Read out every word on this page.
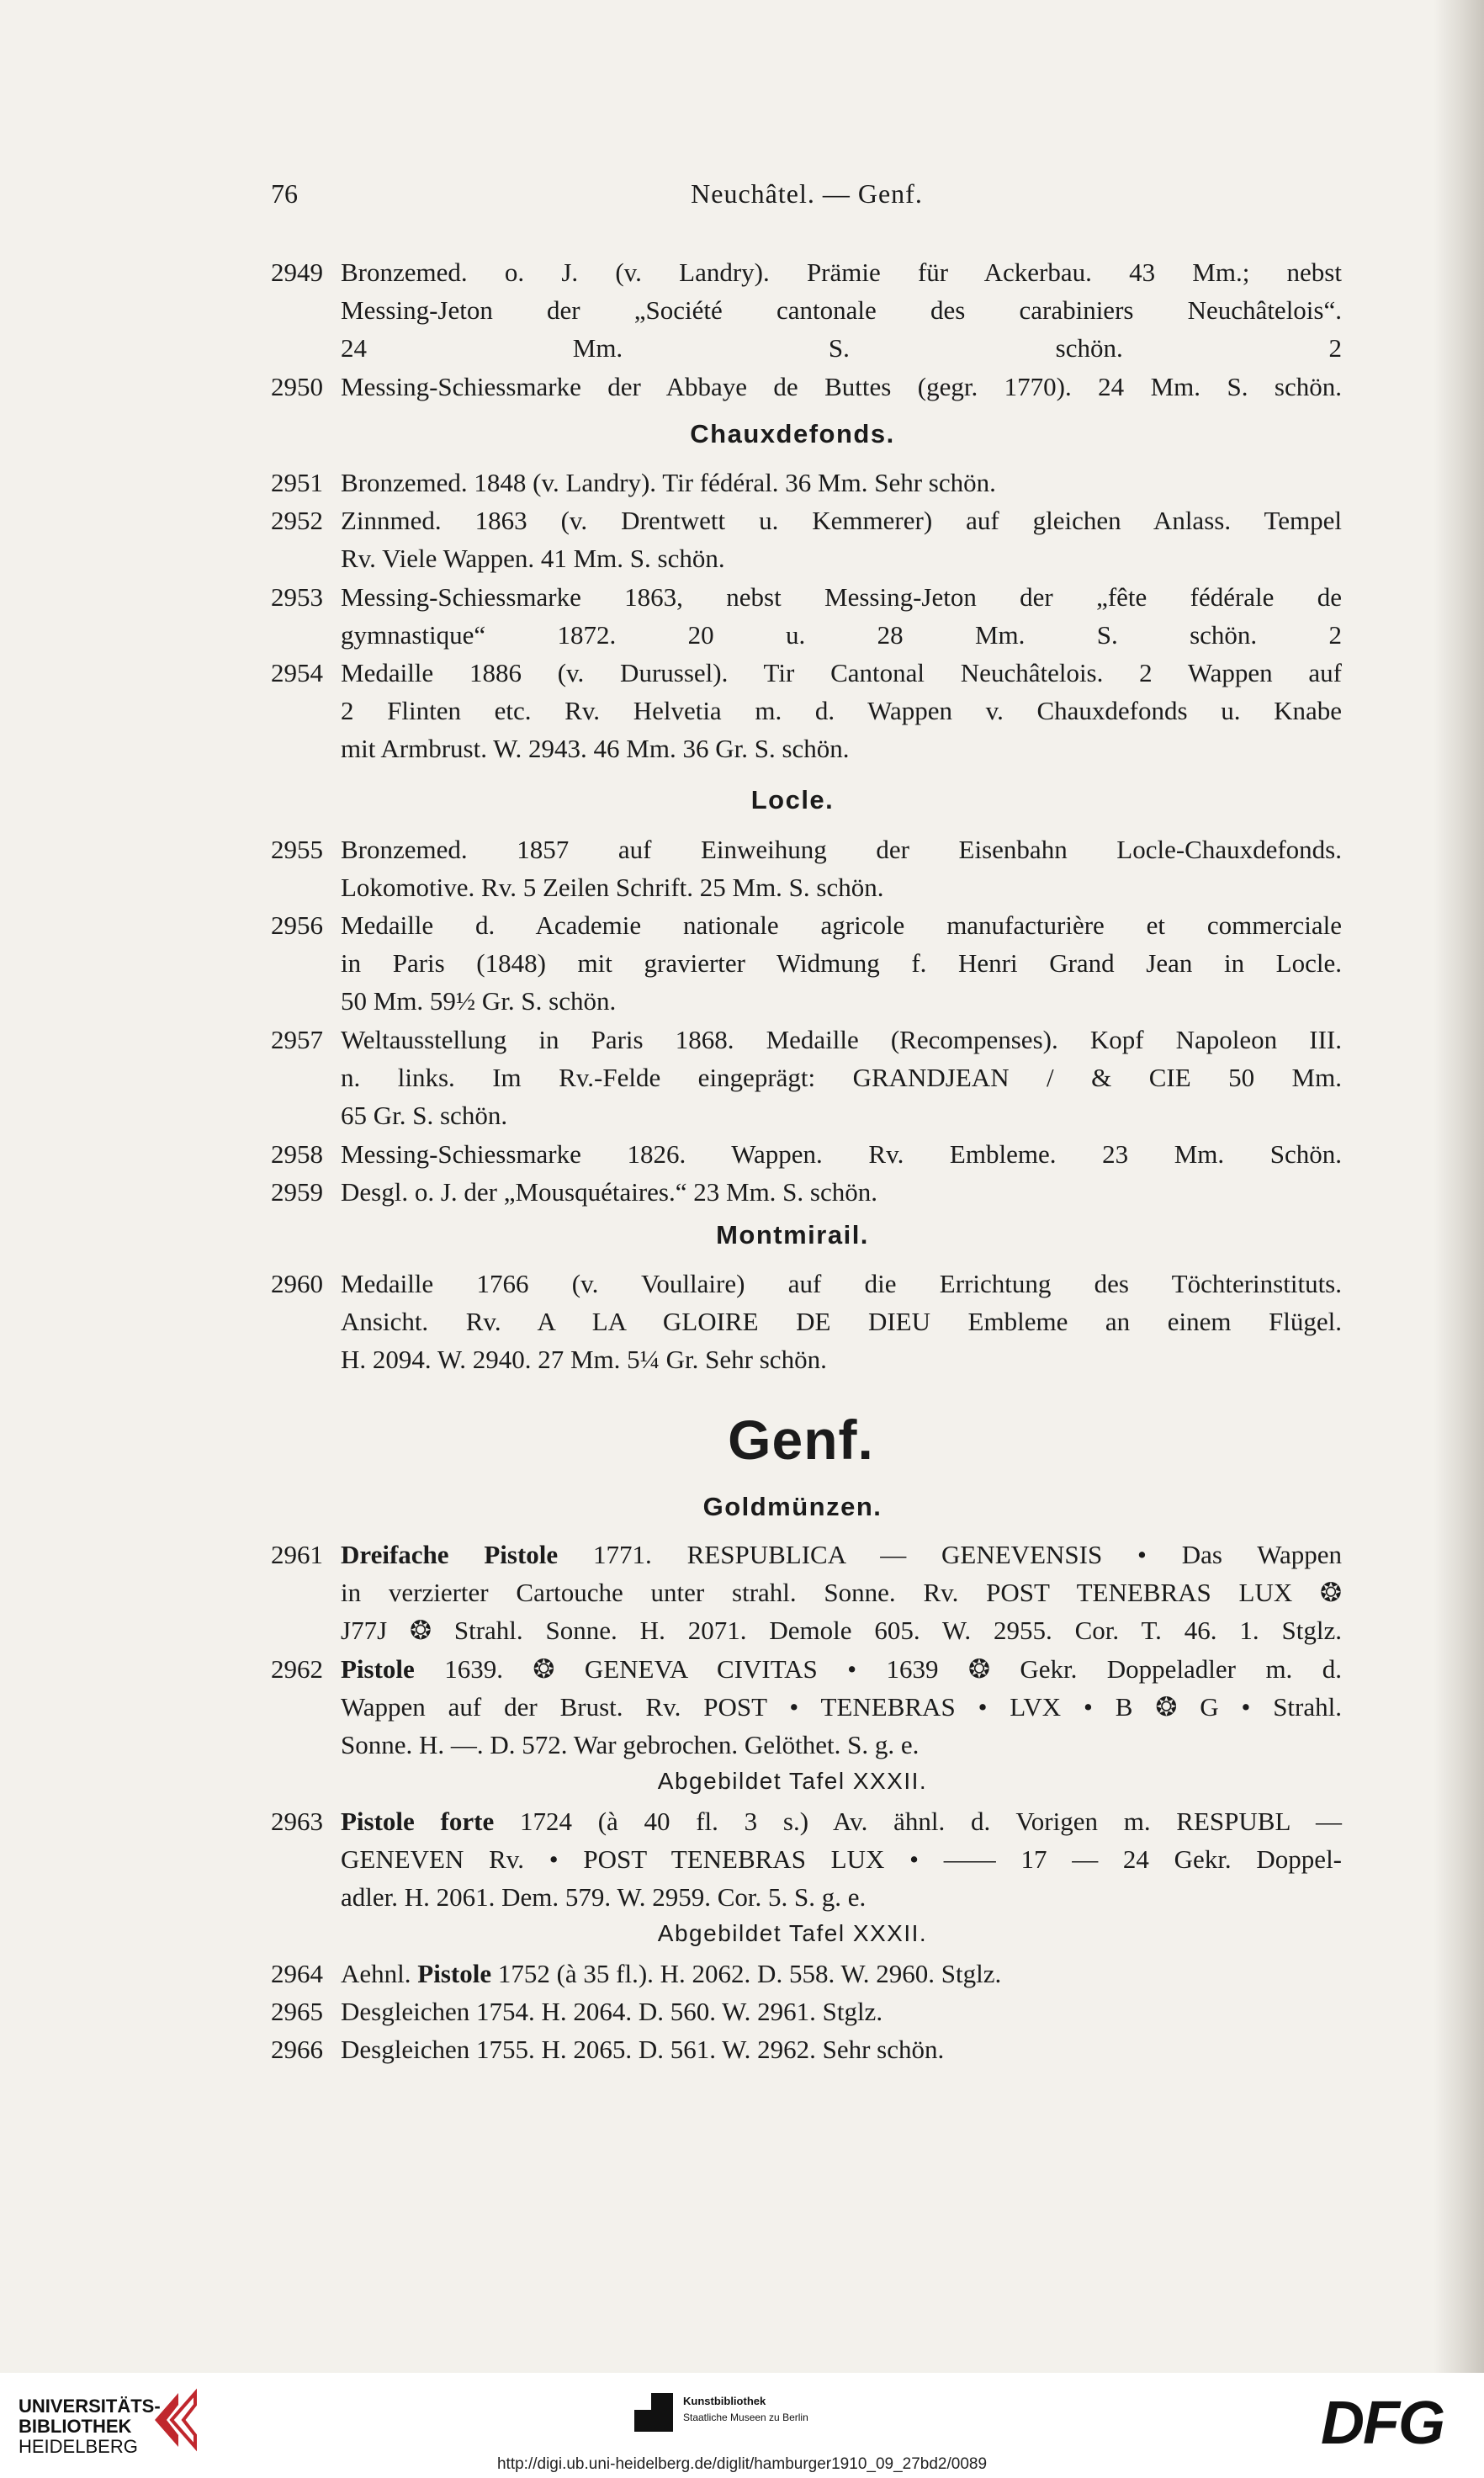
76	Neuchâtel. — Genf.
2949 Bronzemed. o. J. (v. Landry). Prämie für Ackerbau. 43 Mm.; nebst
Messing-Jeton der „Société cantonale des carabiniers Neuchâtelois“.
24 Mm. S. schön. 2
2950 Messing-Schiessmarke der Abbaye de Buttes (gegr. 1770). 24 Mm. S. schön.
Chauxdefonds.
2951 Bronzemed. 1848 (v. Landry). Tir fédéral. 36 Mm. Sehr schön.
2952 Zinnmed. 1863 (v. Drentwett u. Kemmerer) auf gleichen Anlass. Tempel
Rv. Viele Wappen. 41 Mm. S. schön.
2953 Messing-Schiessmarke 1863, nebst Messing-Jeton der „fête fédérale de
gymnastique“ 1872. 20 u. 28 Mm. S. schön. 2
2954 Medaille 1886 (v. Durussel). Tir Cantonal Neuchâtelois. 2 Wappen auf
2 Flinten etc. Rv. Helvetia m. d. Wappen v. Chauxdefonds u. Knabe
mit Armbrust. W. 2943. 46 Mm. 36 Gr. S. schön.
Locle.
2955 Bronzemed. 1857 auf Einweihung der Eisenbahn Locle-Chauxdefonds.
Lokomotive. Rv. 5 Zeilen Schrift. 25 Mm. S. schön.
2956 Medaille d. Academie nationale agricole manufacturière et commerciale
in Paris (1848) mit gravierter Widmung f. Henri Grand Jean in Locle.
50 Mm. 59½ Gr. S. schön.
2957 Weltausstellung in Paris 1868. Medaille (Recompenses). Kopf Napoleon III.
n. links. Im Rv.-Felde eingeprägt: GRANDJEAN / & CIE 50 Mm.
65 Gr. S. schön.
2958 Messing-Schiessmarke 1826. Wappen. Rv. Embleme. 23 Mm. Schön.
2959 Desgl. o. J. der „Mousquétaires.“ 23 Mm. S. schön.
Montmirail.
2960 Medaille 1766 (v. Voullaire) auf die Errichtung des Töchterinstituts.
Ansicht. Rv. A LA GLOIRE DE DIEU Embleme an einem Flügel.
H. 2094. W. 2940. 27 Mm. 5¼ Gr. Sehr schön.
Genf.
Goldmünzen.
2961 Dreifache Pistole 1771. RESPUBLICA — GENEVENSIS • Das Wappen
in verzierter Cartouche unter strahl. Sonne. Rv. POST TENEBRAS LUX ❂
J77J ❂ Strahl. Sonne. H. 2071. Demole 605. W. 2955. Cor. T. 46. 1. Stglz.
2962 Pistole 1639. ❂ GENEVA CIVITAS • 1639 ❂ Gekr. Doppeladler m. d.
Wappen auf der Brust. Rv. POST • TENEBRAS • LVX • B ❂ G • Strahl.
Sonne. H. —. D. 572. War gebrochen. Gelöthet. S. g. e.
Abgebildet Tafel XXXII.
2963 Pistole forte 1724 (à 40 fl. 3 s.) Av. ähnl. d. Vorigen m. RESPUBL —
GENEVEN Rv. • POST TENEBRAS LUX • —— 17 — 24 Gekr. Doppel-
adler. H. 2061. Dem. 579. W. 2959. Cor. 5. S. g. e.
Abgebildet Tafel XXXII.
2964 Aehnl. Pistole 1752 (à 35 fl.). H. 2062. D. 558. W. 2960. Stglz.
2965 Desgleichen 1754. H. 2064. D. 560. W. 2961. Stglz.
2966 Desgleichen 1755. H. 2065. D. 561. W. 2962. Sehr schön.
UNIVERSITÄTS-
BIBLIOTHEK
HEIDELBERG
Kunstbibliothek
Staatliche Museen zu Berlin	DFG
http://digi.ub.uni-heidelberg.de/diglit/hamburger1910_09_27bd2/0089
